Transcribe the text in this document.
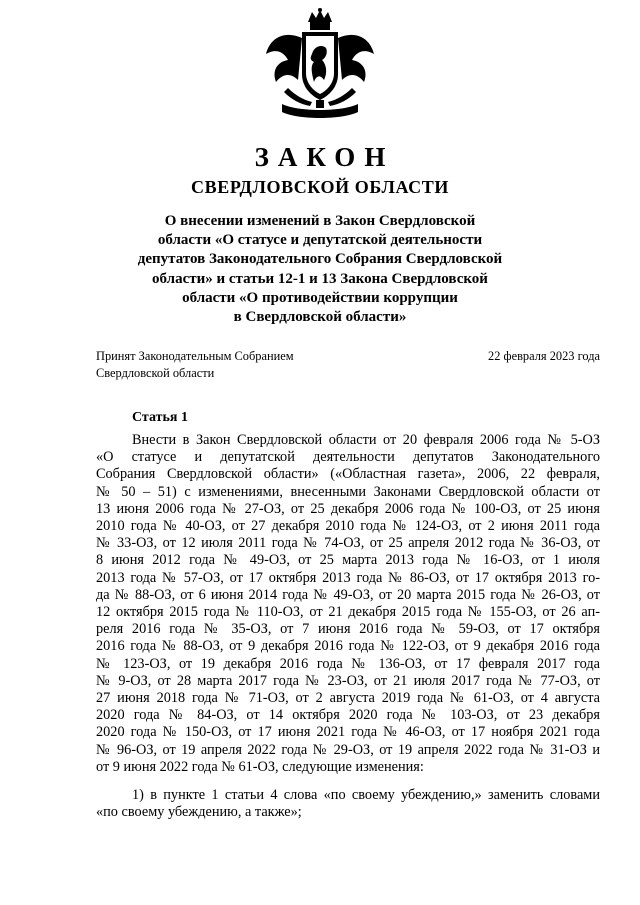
ЗАКОН
СВЕРДЛОВСКОЙ ОБЛАСТИ
О внесении изменений в Закон Свердловской
области «О статусе и депутатской деятельности
депутатов Законодательного Собрания Свердловской
области» и статьи 12-1 и 13 Закона Свердловской
области «О противодействии коррупции
в Свердловской области»
Принят Законодательным Собранием
Свердловской области
22 февраля 2023 года
Статья 1
Внести в Закон Свердловской области от 20 февраля 2006 года № 5-ОЗ
«О статусе и депутатской деятельности депутатов Законодательного
Собрания Свердловской области» («Областная газета», 2006, 22 февраля,
№ 50 – 51) с изменениями, внесенными Законами Свердловской области от
13 июня 2006 года № 27-ОЗ, от 25 декабря 2006 года № 100-ОЗ, от 25 июня
2010 года № 40-ОЗ, от 27 декабря 2010 года № 124-ОЗ, от 2 июня 2011 года
№ 33-ОЗ, от 12 июля 2011 года № 74-ОЗ, от 25 апреля 2012 года № 36-ОЗ, от
8 июня 2012 года № 49-ОЗ, от 25 марта 2013 года № 16-ОЗ, от 1 июля
2013 года № 57-ОЗ, от 17 октября 2013 года № 86-ОЗ, от 17 октября 2013 го-
да № 88-ОЗ, от 6 июня 2014 года № 49-ОЗ, от 20 марта 2015 года № 26-ОЗ, от
12 октября 2015 года № 110-ОЗ, от 21 декабря 2015 года № 155-ОЗ, от 26 ап-
реля 2016 года № 35-ОЗ, от 7 июня 2016 года № 59-ОЗ, от 17 октября
2016 года № 88-ОЗ, от 9 декабря 2016 года № 122-ОЗ, от 9 декабря 2016 года
№ 123-ОЗ, от 19 декабря 2016 года № 136-ОЗ, от 17 февраля 2017 года
№ 9-ОЗ, от 28 марта 2017 года № 23-ОЗ, от 21 июля 2017 года № 77-ОЗ, от
27 июня 2018 года № 71-ОЗ, от 2 августа 2019 года № 61-ОЗ, от 4 августа
2020 года № 84-ОЗ, от 14 октября 2020 года № 103-ОЗ, от 23 декабря
2020 года № 150-ОЗ, от 17 июня 2021 года № 46-ОЗ, от 17 ноября 2021 года
№ 96-ОЗ, от 19 апреля 2022 года № 29-ОЗ, от 19 апреля 2022 года № 31-ОЗ и
от 9 июня 2022 года № 61-ОЗ, следующие изменения:
1) в пункте 1 статьи 4 слова «по своему убеждению,» заменить словами
«по своему убеждению, а также»;
